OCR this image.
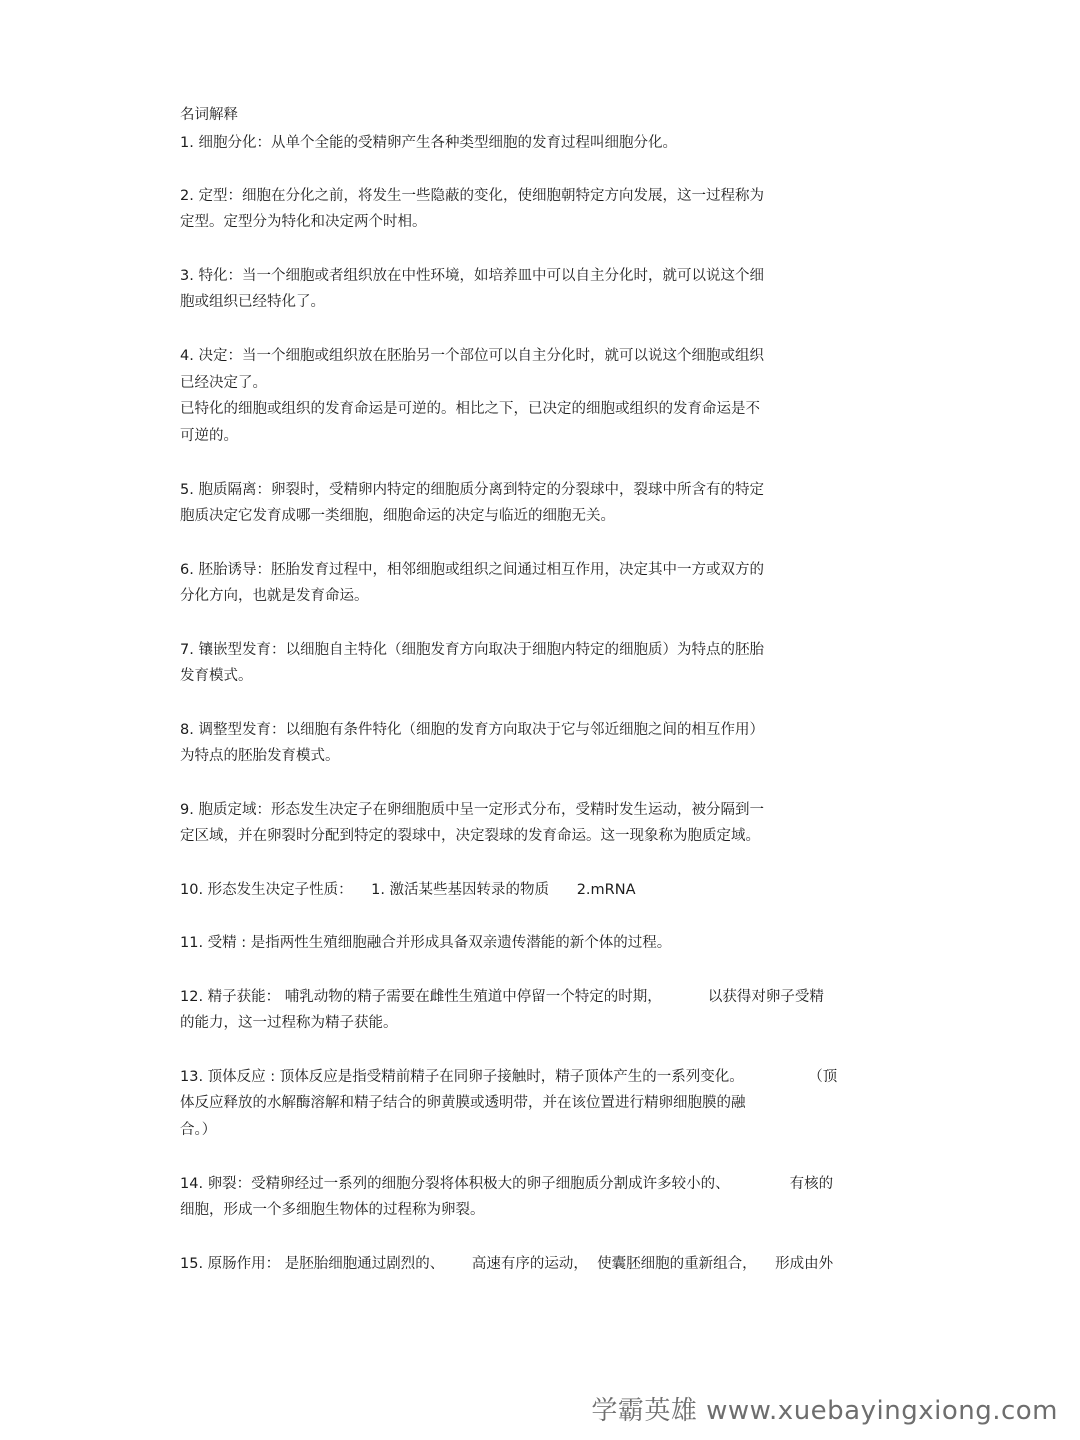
名词解释
1. 细胞分化：从单个全能的受精卵产生各种类型细胞的发育过程叫细胞分化。
2. 定型：细胞在分化之前，将发生一些隐蔽的变化，使细胞朝特定方向发展，这一过程称为
定型。定型分为特化和决定两个时相。
3. 特化：当一个细胞或者组织放在中性环境，如培养皿中可以自主分化时，就可以说这个细
胞或组织已经特化了。
4. 决定：当一个细胞或组织放在胚胎另一个部位可以自主分化时，就可以说这个细胞或组织
已经决定了。
已特化的细胞或组织的发育命运是可逆的。相比之下，已决定的细胞或组织的发育命运是不
可逆的。
5. 胞质隔离：卵裂时，受精卵内特定的细胞质分离到特定的分裂球中，裂球中所含有的特定
胞质决定它发育成哪一类细胞，细胞命运的决定与临近的细胞无关。
6. 胚胎诱导：胚胎发育过程中，相邻细胞或组织之间通过相互作用，决定其中一方或双方的
分化方向，也就是发育命运。
7. 镶嵌型发育：以细胞自主特化（细胞发育方向取决于细胞内特定的细胞质）为特点的胚胎
发育模式。
8. 调整型发育：以细胞有条件特化（细胞的发育方向取决于它与邻近细胞之间的相互作用）
为特点的胚胎发育模式。
9. 胞质定域：形态发生决定子在卵细胞质中呈一定形式分布，受精时发生运动，被分隔到一
定区域，并在卵裂时分配到特定的裂球中，决定裂球的发育命运。这一现象称为胞质定域。
10. 形态发生决定子性质：    1. 激活某些基因转录的物质      2.mRNA
11. 受精 : 是指两性生殖细胞融合并形成具备双亲遗传潜能的新个体的过程。
12. 精子获能： 哺乳动物的精子需要在雌性生殖道中停留一个特定的时期，          以获得对卵子受精
的能力，这一过程称为精子获能。
13. 顶体反应 : 顶体反应是指受精前精子在同卵子接触时，精子顶体产生的一系列变化。              （顶
体反应释放的水解酶溶解和精子结合的卵黄膜或透明带，并在该位置进行精卵细胞膜的融
合。）
14. 卵裂：受精卵经过一系列的细胞分裂将体积极大的卵子细胞质分割成许多较小的、             有核的
细胞，形成一个多细胞生物体的过程称为卵裂。
15. 原肠作用： 是胚胎细胞通过剧烈的、      高速有序的运动，  使囊胚细胞的重新组合，    形成由外
学霸英雄 www.xuebayingxiong.com
